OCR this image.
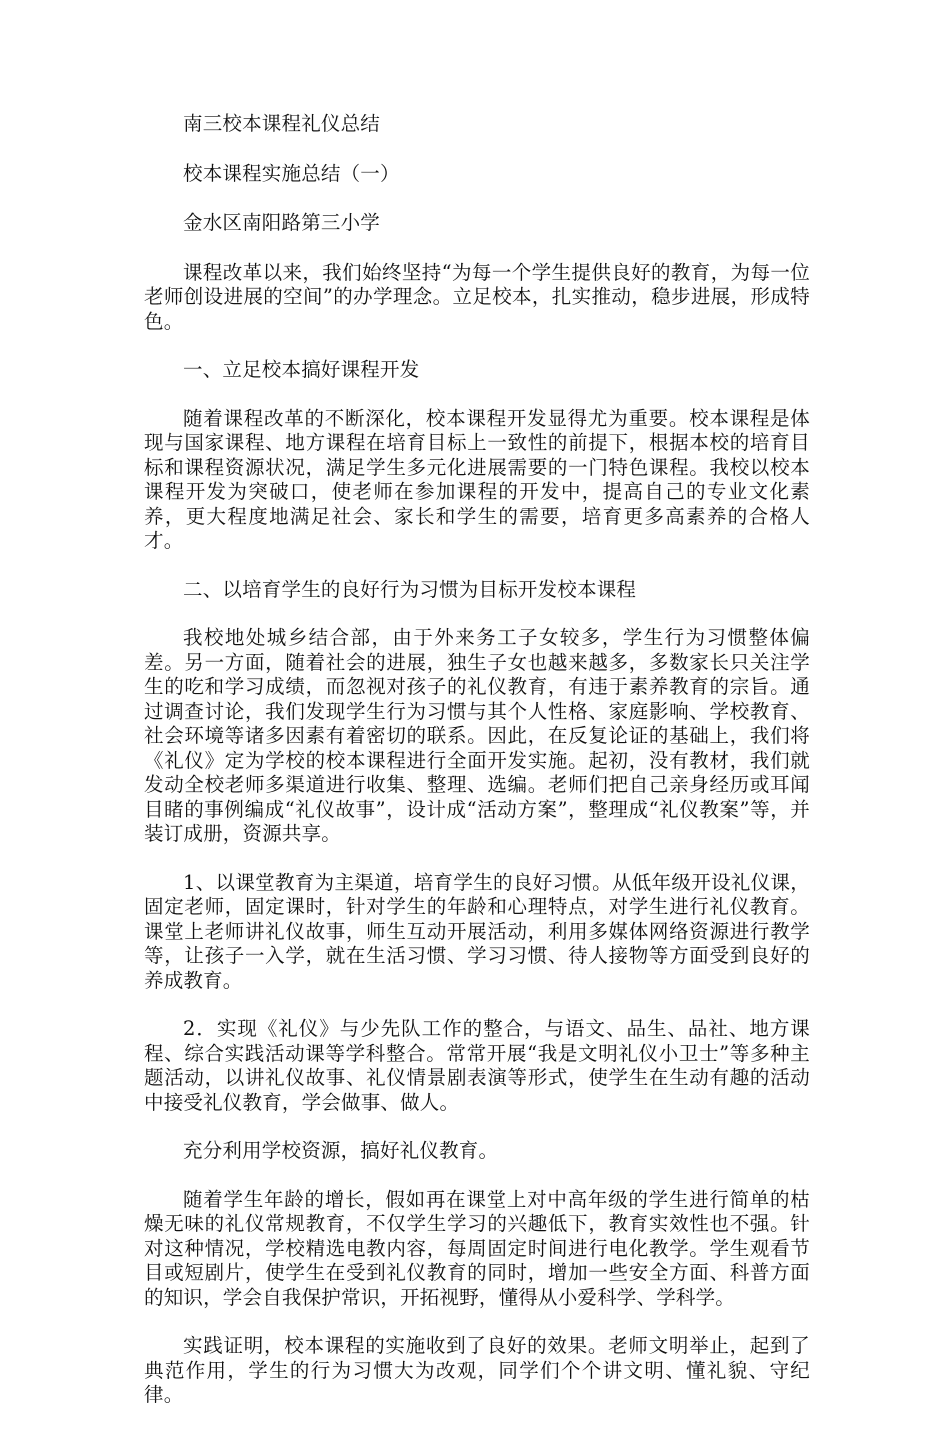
南三校本课程礼仪总结

校本课程实施总结（一）

金水区南阳路第三小学

课程改革以来，我们始终坚持“为每一个学生提供良好的教育，为每一位老师创设进展的空间”的办学理念。立足校本，扎实推动，稳步进展，形成特色。

一、立足校本搞好课程开发

随着课程改革的不断深化，校本课程开发显得尤为重要。校本课程是体现与国家课程、地方课程在培育目标上一致性的前提下，根据本校的培育目标和课程资源状况，满足学生多元化进展需要的一门特色课程。我校以校本课程开发为突破口，使老师在参加课程的开发中，提高自己的专业文化素养，更大程度地满足社会、家长和学生的需要，培育更多高素养的合格人才。

二、以培育学生的良好行为习惯为目标开发校本课程

我校地处城乡结合部，由于外来务工子女较多，学生行为习惯整体偏差。另一方面，随着社会的进展，独生子女也越来越多，多数家长只关注学生的吃和学习成绩，而忽视对孩子的礼仪教育，有违于素养教育的宗旨。通过调查讨论，我们发现学生行为习惯与其个人性格、家庭影响、学校教育、社会环境等诸多因素有着密切的联系。因此，在反复论证的基础上，我们将《礼仪》定为学校的校本课程进行全面开发实施。起初，没有教材，我们就发动全校老师多渠道进行收集、整理、选编。老师们把自己亲身经历或耳闻目睹的事例编成“礼仪故事”，设计成“活动方案”，整理成“礼仪教案”等，并装订成册，资源共享。

1、以课堂教育为主渠道，培育学生的良好习惯。从低年级开设礼仪课，固定老师，固定课时，针对学生的年龄和心理特点，对学生进行礼仪教育。课堂上老师讲礼仪故事，师生互动开展活动，利用多媒体网络资源进行教学等，让孩子一入学，就在生活习惯、学习习惯、待人接物等方面受到良好的养成教育。

2．实现《礼仪》与少先队工作的整合，与语文、品生、品社、地方课程、综合实践活动课等学科整合。常常开展“我是文明礼仪小卫士”等多种主题活动，以讲礼仪故事、礼仪情景剧表演等形式，使学生在生动有趣的活动中接受礼仪教育，学会做事、做人。

充分利用学校资源，搞好礼仪教育。

随着学生年龄的增长，假如再在课堂上对中高年级的学生进行简单的枯燥无味的礼仪常规教育，不仅学生学习的兴趣低下，教育实效性也不强。针对这种情况，学校精选电教内容，每周固定时间进行电化教学。学生观看节目或短剧片，使学生在受到礼仪教育的同时，增加一些安全方面、科普方面的知识，学会自我保护常识，开拓视野，懂得从小爱科学、学科学。

实践证明，校本课程的实施收到了良好的效果。老师文明举止，起到了典范作用，学生的行为习惯大为改观，同学们个个讲文明、懂礼貌、守纪律。
